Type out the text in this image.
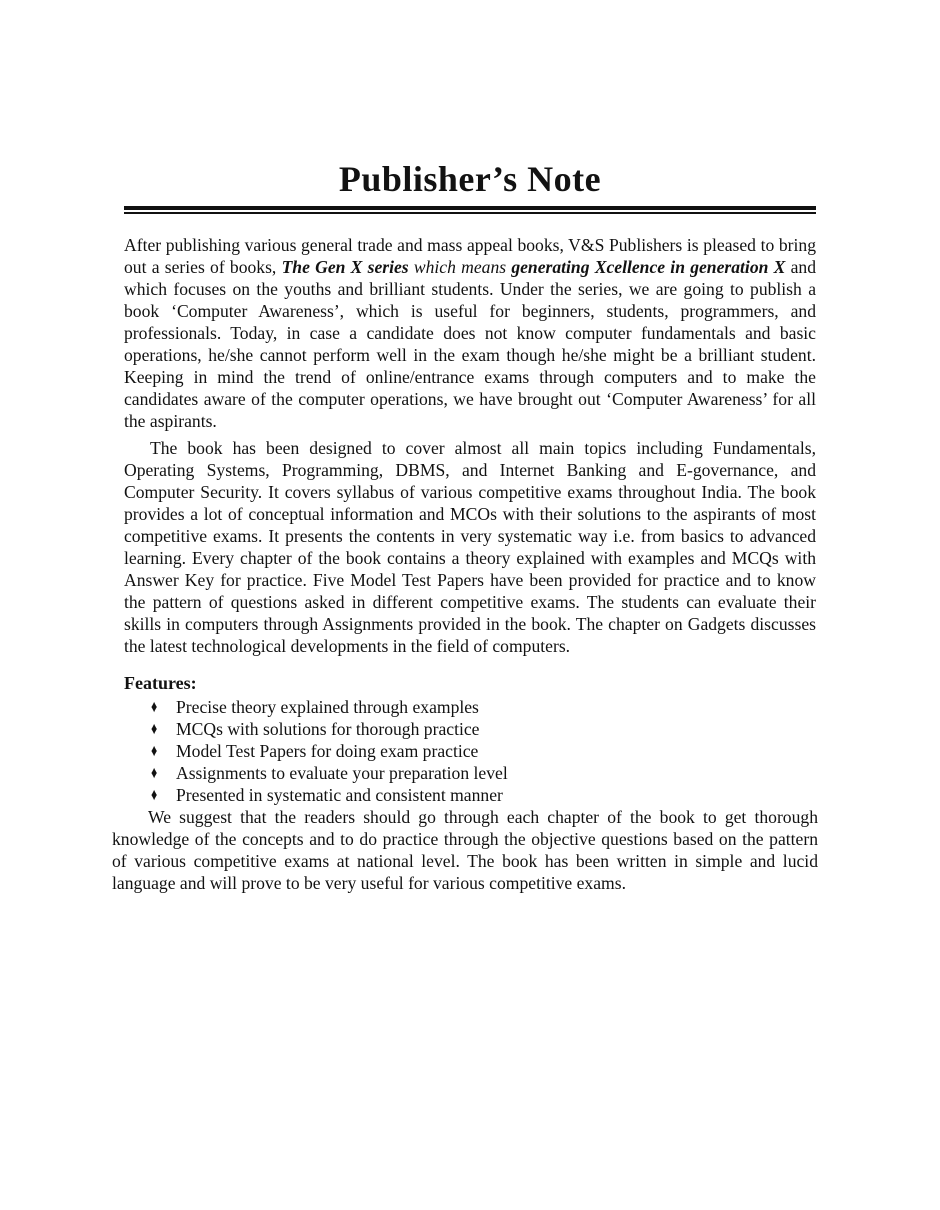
Publisher’s Note

After publishing various general trade and mass appeal books, V&S Publishers is pleased to bring out a series of books, The Gen X series which means generating Xcellence in generation X and which focuses on the youths and brilliant students. Under the series, we are going to publish a book ‘Computer Awareness’, which is useful for beginners, students, programmers, and professionals. Today, in case a candidate does not know computer fundamentals and basic operations, he/she cannot perform well in the exam though he/she might be a brilliant student. Keeping in mind the trend of online/entrance exams through computers and to make the candidates aware of the computer operations, we have brought out ‘Computer Awareness’ for all the aspirants.

The book has been designed to cover almost all main topics including Fundamentals, Operating Systems, Programming, DBMS, and Internet Banking and E-governance, and Computer Security. It covers syllabus of various competitive exams throughout India. The book provides a lot of conceptual information and MCOs with their solutions to the aspirants of most competitive exams. It presents the contents in very systematic way i.e. from basics to advanced learning. Every chapter of the book contains a theory explained with examples and MCQs with Answer Key for practice. Five Model Test Papers have been provided for practice and to know the pattern of questions asked in different competitive exams. The students can evaluate their skills in computers through Assignments provided in the book. The chapter on Gadgets discusses the latest technological developments in the field of computers.

Features:
♦ Precise theory explained through examples
♦ MCQs with solutions for thorough practice
♦ Model Test Papers for doing exam practice
♦ Assignments to evaluate your preparation level
♦ Presented in systematic and consistent manner

We suggest that the readers should go through each chapter of the book to get thorough knowledge of the concepts and to do practice through the objective questions based on the pattern of various competitive exams at national level. The book has been written in simple and lucid language and will prove to be very useful for various competitive exams.
